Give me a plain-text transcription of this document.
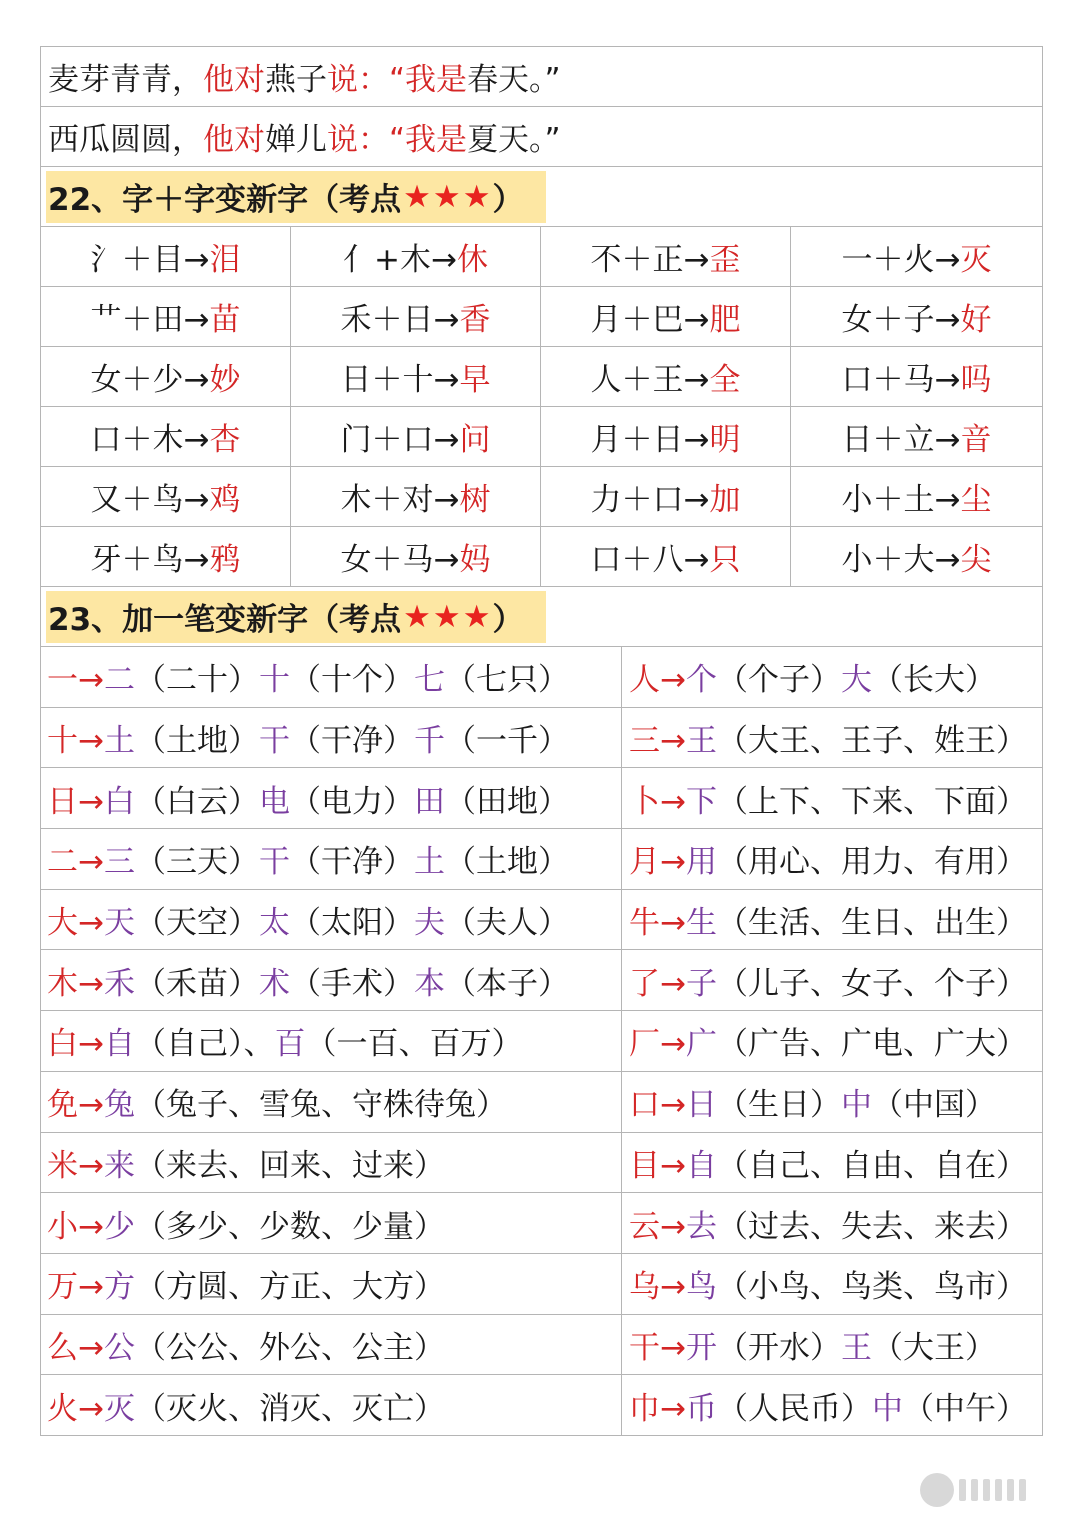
麦芽青青， 他对 燕子 说：“我是 春天。”
西瓜圆圆， 他对 婵儿 说：“我是 夏天。”
22、字＋字变新字（考点 ★★★ ）
氵＋目→ 泪	亻+木→ 休	不＋正→ 歪	一＋火→ 灭
艹＋田→ 苗	禾＋日→ 香	月＋巴→ 肥	女＋子→ 好
女＋少→ 妙	日＋十→ 早	人＋王→ 全	口＋马→ 吗
口＋木→ 杏	门＋口→ 问	月＋日→ 明	日＋立→ 音
又＋鸟→ 鸡	木＋对→ 树	力＋口→ 加	小＋土→ 尘
牙＋鸟→ 鸦	女＋马→ 妈	口＋八→ 只	小＋大→ 尖
23、加一笔变新字（考点 ★★★ ）
一→ 二 （二十） 十 （十个） 七 （七只） 人→ 个 （个子） 大 （长大）
十→ 土 （土地） 干 （干净） 千 （一千） 三→ 王 （大王、王子、姓王）
日→ 白 （白云） 电 （电力） 田 （田地） 卜→ 下 （上下、下来、下面）
二→ 三 （三天） 干 （干净） 土 （土地） 月→ 用 （用心、用力、有用）
大→ 天 （天空） 太 （太阳） 夫 （夫人） 牛→ 生 （生活、生日、出生）
木→ 禾 （禾苗） 术 （手术） 本 （本子） 了→ 子 （儿子、女子、个子）
白→ 自 （自己）、 百 （一百、百万）	厂→ 广 （广告、广电、广大）
免→ 兔 （兔子、雪兔、守株待兔）	口→ 日 （生日） 中 （中国）
米→ 来 （来去、回来、过来）	目→ 自 （自己、自由、自在）
小→ 少 （多少、少数、少量）	云→ 去 （过去、失去、来去）
万→ 方 （方圆、方正、大方）	乌→ 鸟 （小鸟、鸟类、鸟市）
么→ 公 （公公、外公、公主）	干→ 开 （开水） 王 （大王）
火→ 灭 （灭火、消灭、灭亡）	巾→ 币 （人民币） 中 （中午）
